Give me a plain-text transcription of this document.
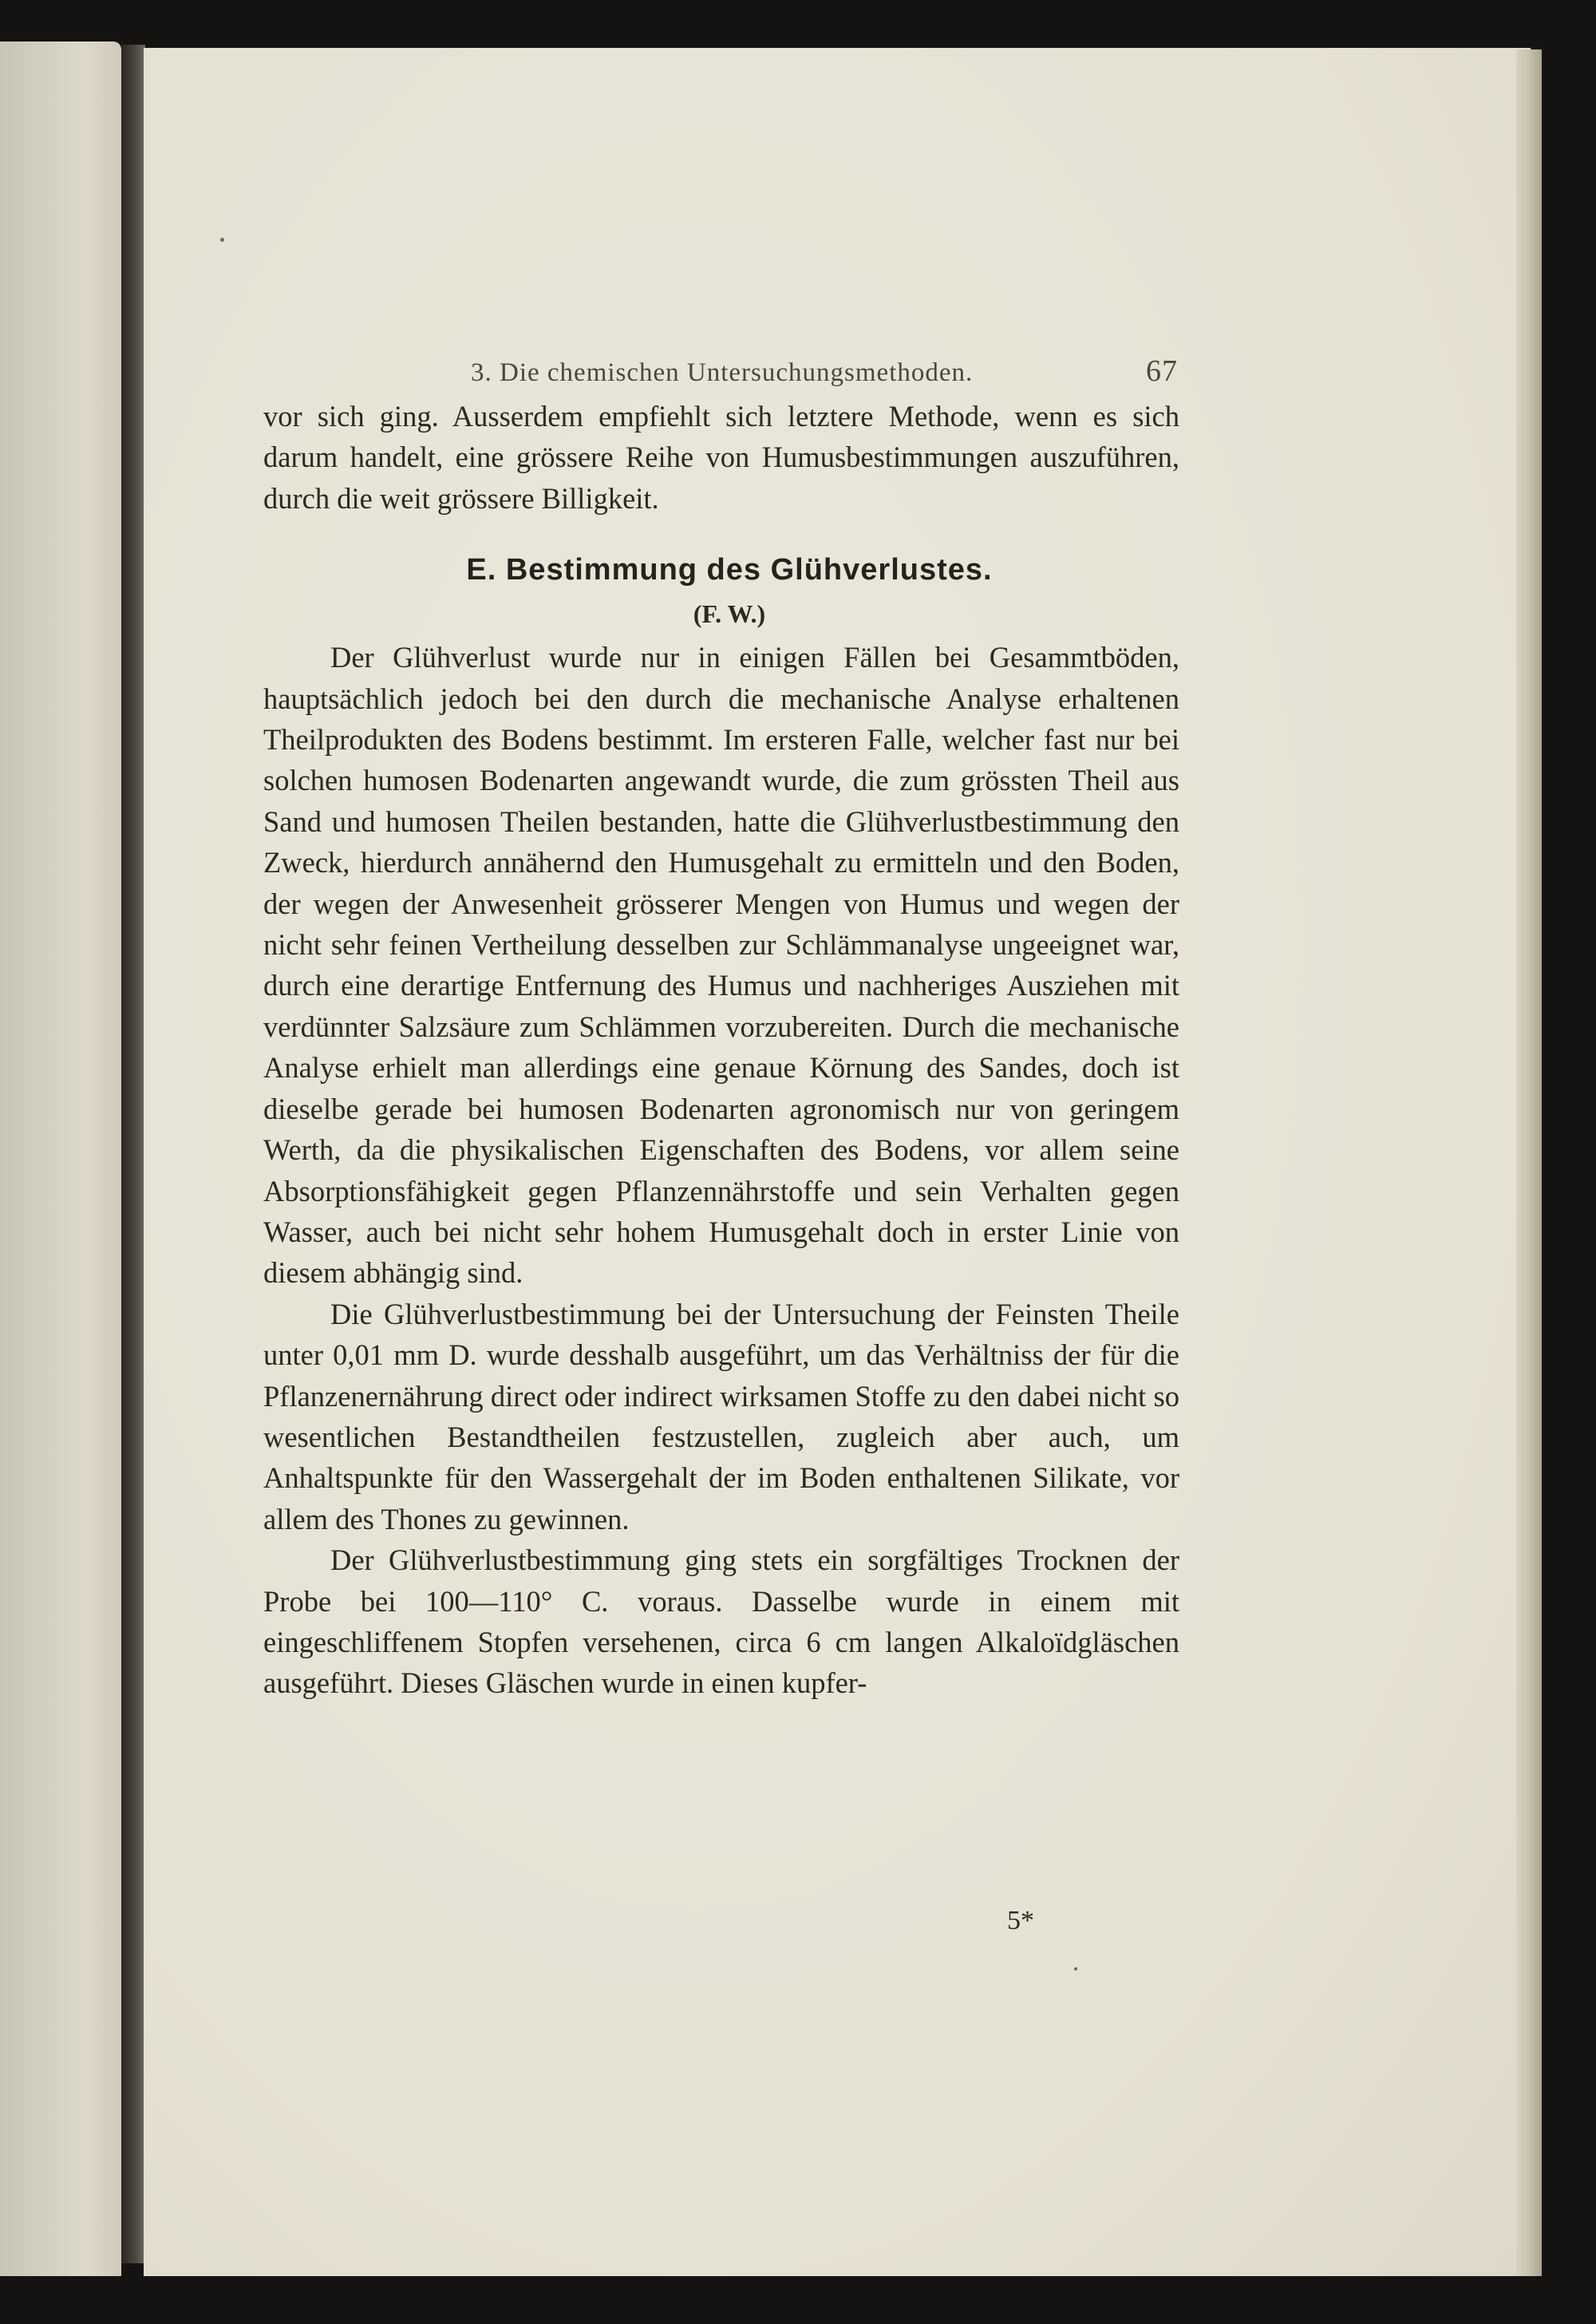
3. Die chemischen Untersuchungsmethoden.	67

vor sich ging. Ausserdem empfiehlt sich letztere Methode, wenn es sich darum handelt, eine grössere Reihe von Humusbestimmungen auszuführen, durch die weit grössere Billigkeit.

E. Bestimmung des Glühverlustes.
(F. W.)

Der Glühverlust wurde nur in einigen Fällen bei Gesammtböden, hauptsächlich jedoch bei den durch die mechanische Analyse erhaltenen Theilprodukten des Bodens bestimmt. Im ersteren Falle, welcher fast nur bei solchen humosen Bodenarten angewandt wurde, die zum grössten Theil aus Sand und humosen Theilen bestanden, hatte die Glühverlustbestimmung den Zweck, hierdurch annähernd den Humusgehalt zu ermitteln und den Boden, der wegen der Anwesenheit grösserer Mengen von Humus und wegen der nicht sehr feinen Vertheilung desselben zur Schlämmanalyse ungeeignet war, durch eine derartige Entfernung des Humus und nachheriges Ausziehen mit verdünnter Salzsäure zum Schlämmen vorzubereiten. Durch die mechanische Analyse erhielt man allerdings eine genaue Körnung des Sandes, doch ist dieselbe gerade bei humosen Bodenarten agronomisch nur von geringem Werth, da die physikalischen Eigenschaften des Bodens, vor allem seine Absorptionsfähigkeit gegen Pflanzennährstoffe und sein Verhalten gegen Wasser, auch bei nicht sehr hohem Humusgehalt doch in erster Linie von diesem abhängig sind.

Die Glühverlustbestimmung bei der Untersuchung der Feinsten Theile unter 0,01 mm D. wurde desshalb ausgeführt, um das Verhältniss der für die Pflanzenernährung direct oder indirect wirksamen Stoffe zu den dabei nicht so wesentlichen Bestandtheilen festzustellen, zugleich aber auch, um Anhaltspunkte für den Wassergehalt der im Boden enthaltenen Silikate, vor allem des Thones zu gewinnen.

Der Glühverlustbestimmung ging stets ein sorgfältiges Trocknen der Probe bei 100—110° C. voraus. Dasselbe wurde in einem mit eingeschliffenem Stopfen versehenen, circa 6 cm langen Alkaloïdgläschen ausgeführt. Dieses Gläschen wurde in einen kupfer-

5*
